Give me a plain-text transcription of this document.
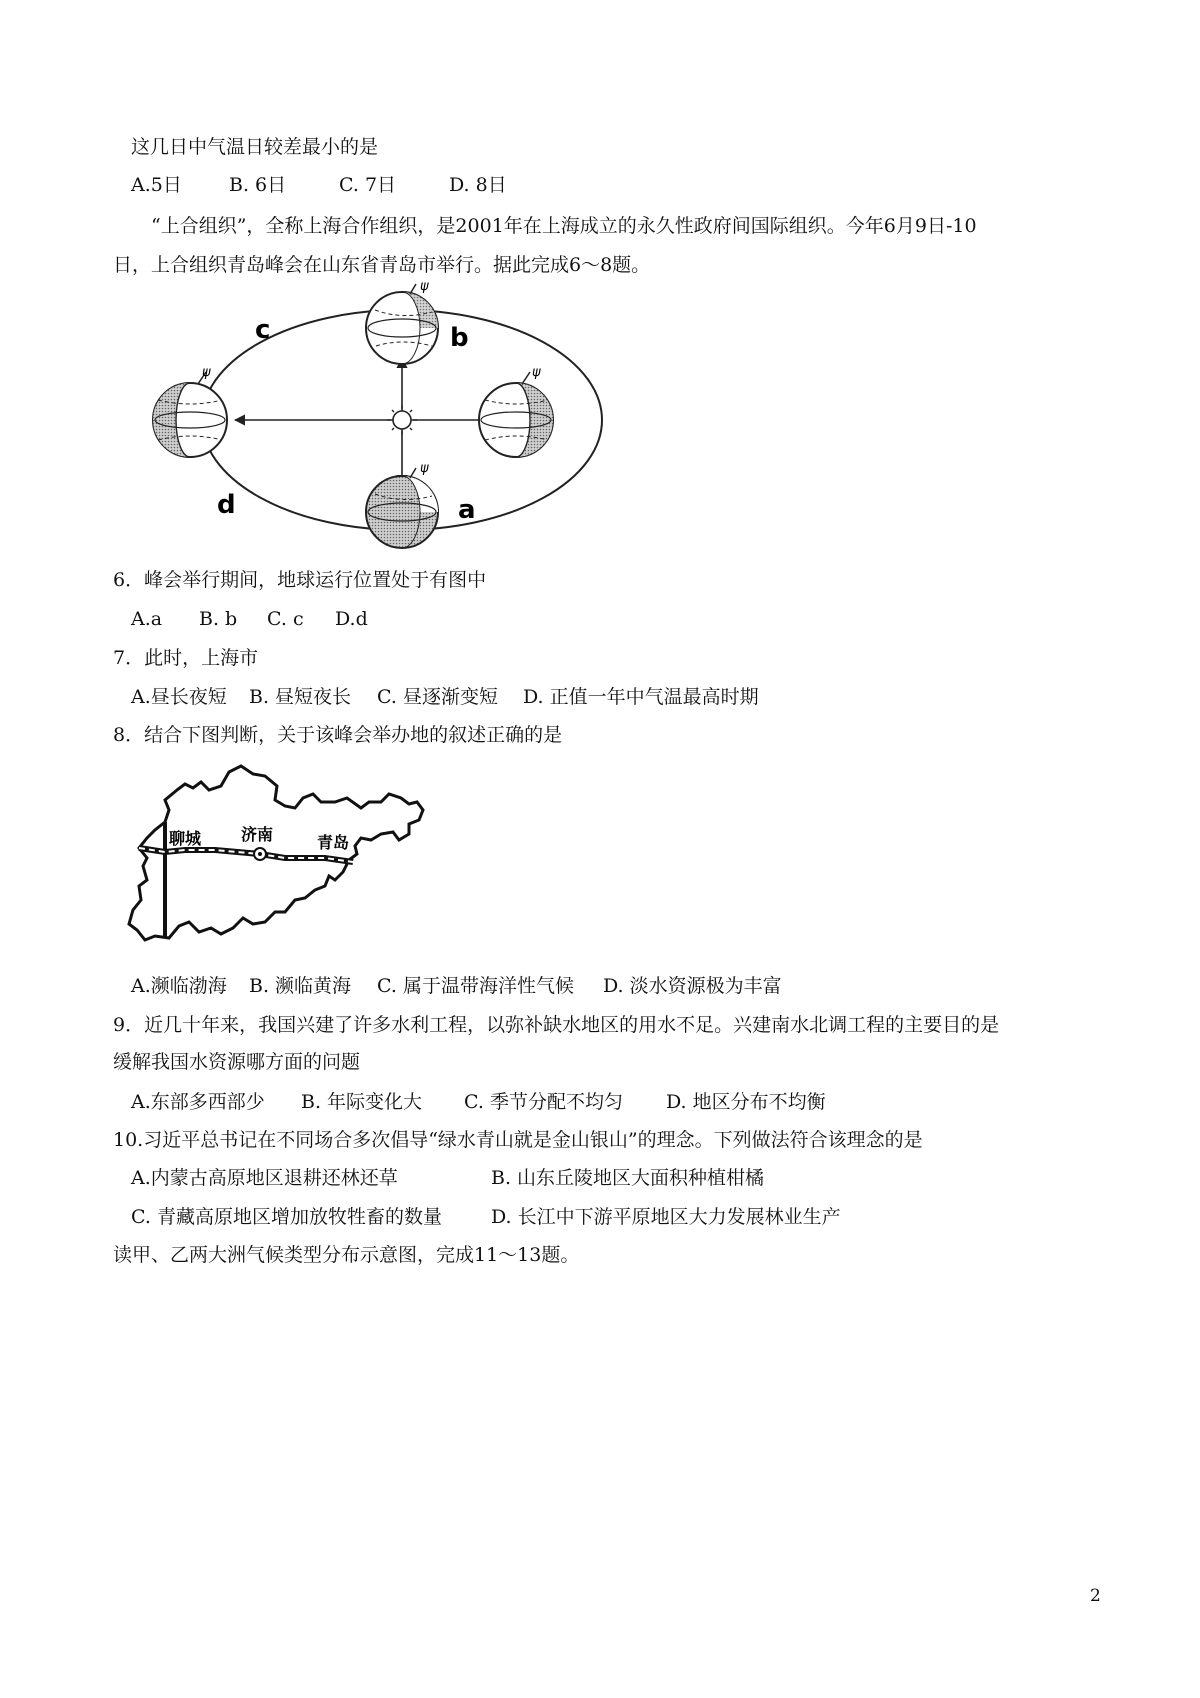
这几日中气温日较差最小的是
A.5日 B. 6日	C. 7日	D. 8日
“上合组织”，全称上海合作组织，是2001年在上海成立的永久性政府间国际组织。今年6月9日-10
日，上合组织青岛峰会在山东省青岛市举行。据此完成6～8题。
ψ
ψ
ψ
ψ
c	b
d	a
6．峰会举行期间，地球运行位置处于有图中
A.a B. b C. c D.d
7．此时，上海市
A.昼长夜短 B. 昼短夜长 C. 昼逐渐变短 D. 正值一年中气温最高时期
8．结合下图判断，关于该峰会举办地的叙述正确的是
聊城 济南	青岛
A.濒临渤海 B. 濒临黄海 C. 属于温带海洋性气候 D. 淡水资源极为丰富
9．近几十年来，我国兴建了许多水利工程，以弥补缺水地区的用水不足。兴建南水北调工程的主要目的是
缓解我国水资源哪方面的问题
A.东部多西部少 B. 年际变化大 C. 季节分配不均匀 D. 地区分布不均衡
10.习近平总书记在不同场合多次倡导“绿水青山就是金山银山”的理念。下列做法符合该理念的是
A.内蒙古高原地区退耕还林还草	B. 山东丘陵地区大面积种植柑橘
C. 青藏高原地区增加放牧牲畜的数量	D. 长江中下游平原地区大力发展林业生产
读甲、乙两大洲气候类型分布示意图，完成11～13题。
2
